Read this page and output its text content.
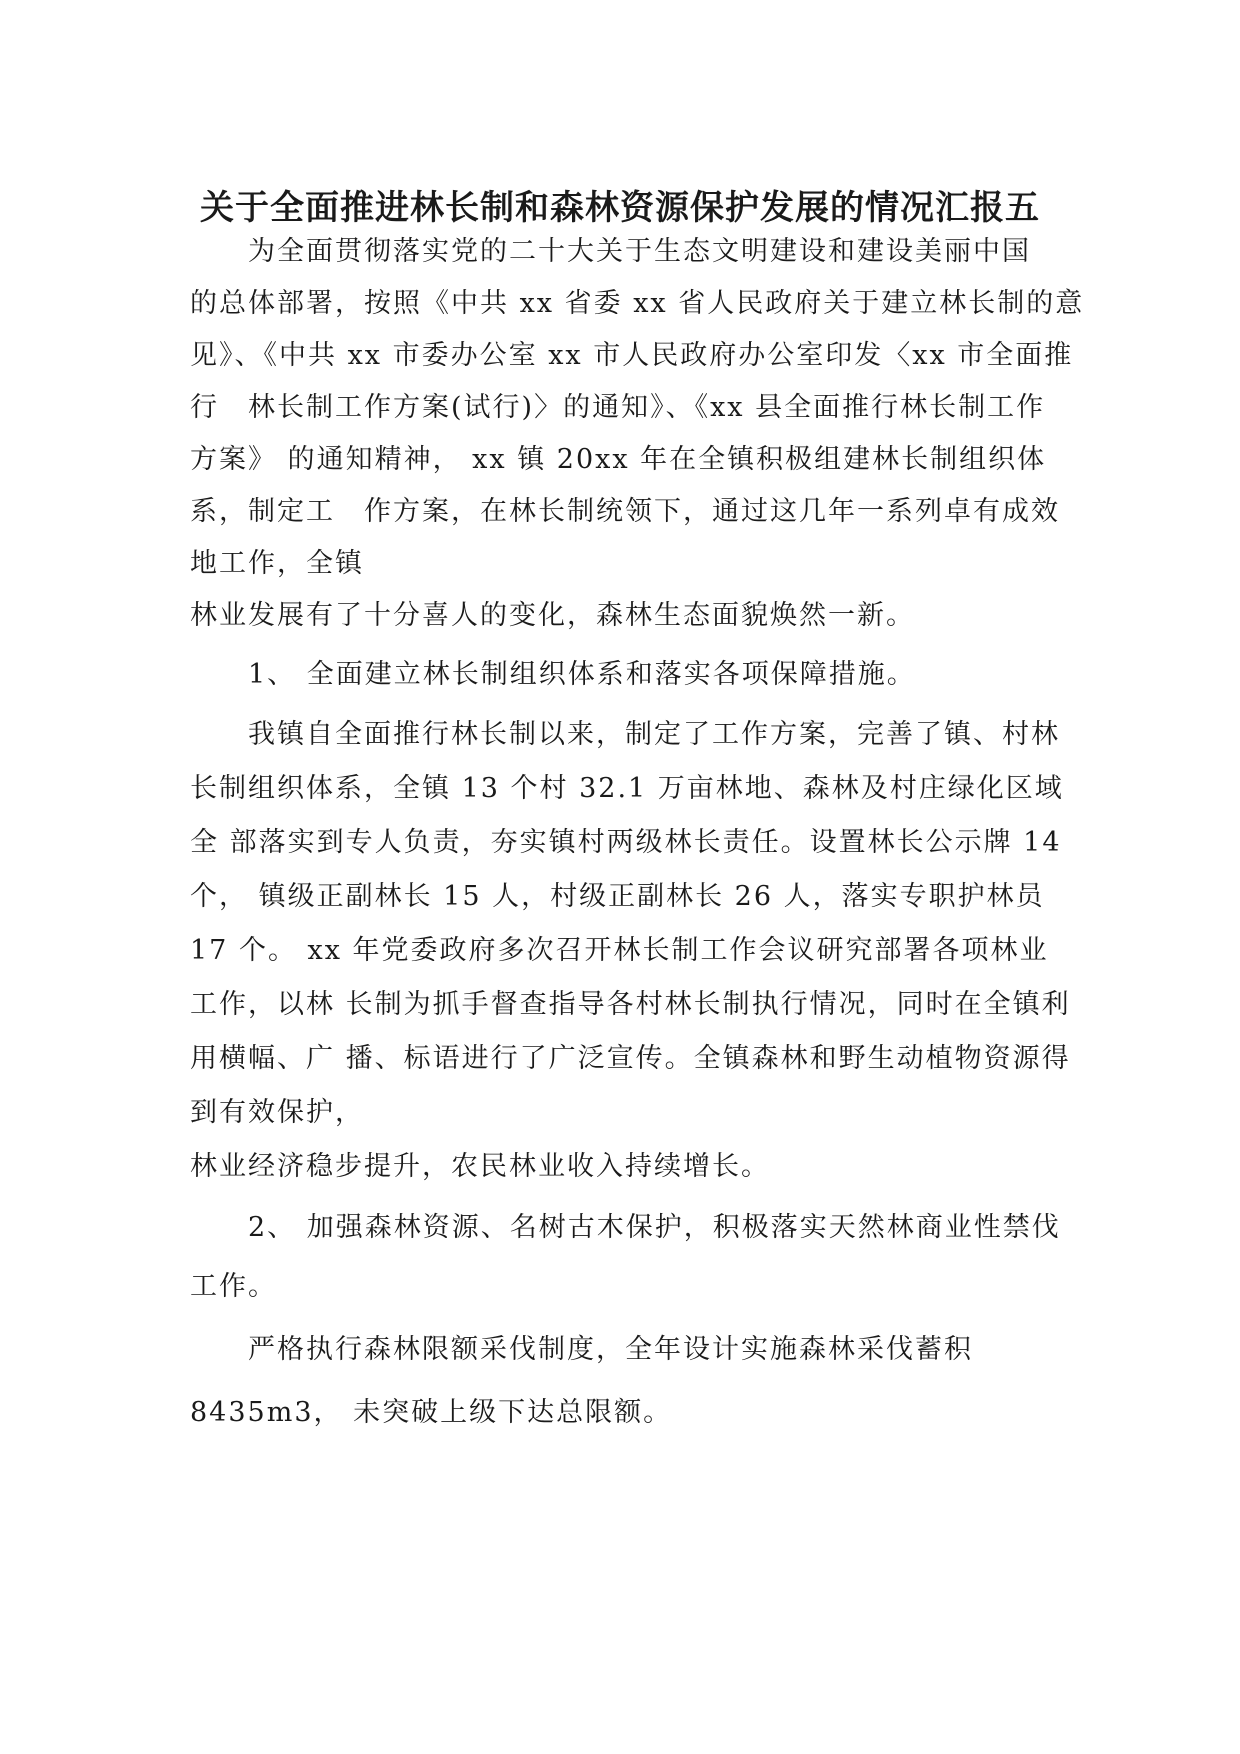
关于全面推进林长制和森林资源保护发展的情况汇报五
为全面贯彻落实党的二十大关于生态文明建设和建设美丽中国
的总体部署，按照《中共 xx 省委 xx 省人民政府关于建立林长制的意
见》、《中共 xx 市委办公室 xx 市人民政府办公室印发〈xx 市全面推
行　林长制工作方案(试行)〉的通知》、《xx 县全面推行林长制工作
方案》 的通知精神， xx 镇 20xx 年在全镇积极组建林长制组织体
系，制定工　作方案，在林长制统领下，通过这几年一系列卓有成效
地工作，全镇
林业发展有了十分喜人的变化，森林生态面貌焕然一新。
1、 全面建立林长制组织体系和落实各项保障措施。
我镇自全面推行林长制以来，制定了工作方案，完善了镇、村林
长制组织体系，全镇 13 个村 32.1 万亩林地、森林及村庄绿化区域
全 部落实到专人负责，夯实镇村两级林长责任。设置林长公示牌 14
个， 镇级正副林长 15 人，村级正副林长 26 人，落实专职护林员
17 个。 xx 年党委政府多次召开林长制工作会议研究部署各项林业
工作，以林 长制为抓手督查指导各村林长制执行情况，同时在全镇利
用横幅、广 播、标语进行了广泛宣传。全镇森林和野生动植物资源得
到有效保护，
林业经济稳步提升，农民林业收入持续增长。
2、 加强森林资源、名树古木保护，积极落实天然林商业性禁伐
工作。
严格执行森林限额采伐制度，全年设计实施森林采伐蓄积
8435m3， 未突破上级下达总限额。
